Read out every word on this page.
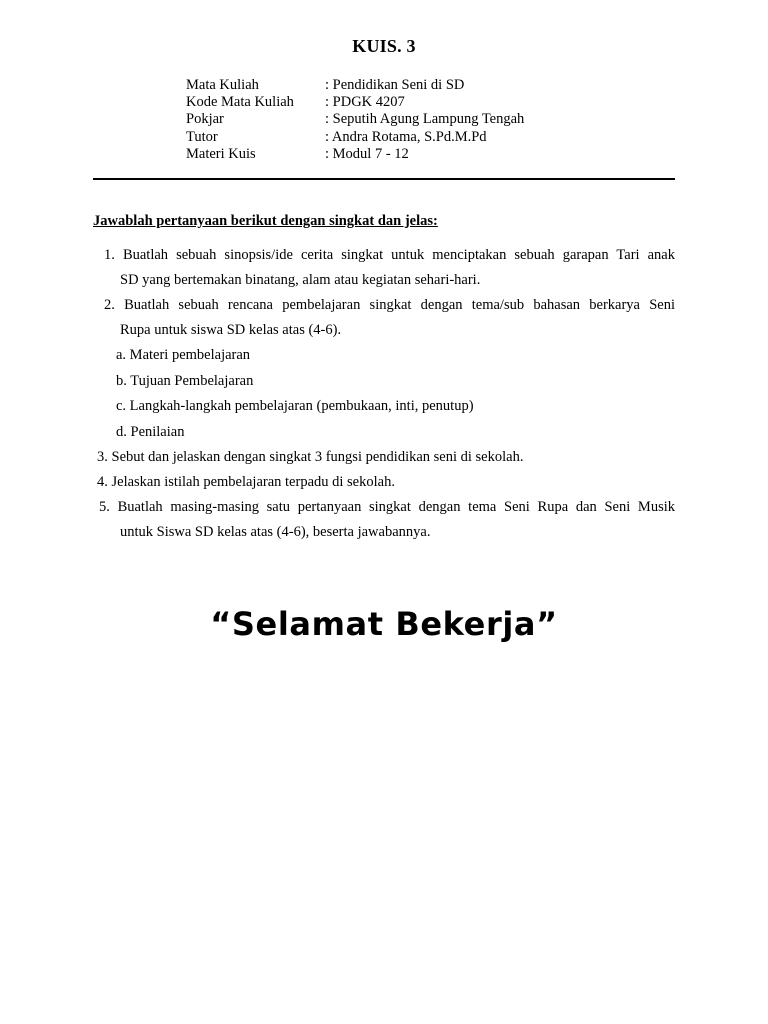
KUIS. 3
Mata Kuliah	: Pendidikan Seni di SD
Kode Mata Kuliah	: PDGK 4207
Pokjar	: Seputih Agung Lampung Tengah
Tutor	: Andra Rotama, S.Pd.M.Pd
Materi Kuis	: Modul 7 - 12
Jawablah pertanyaan berikut dengan singkat dan jelas:
1. Buatlah sebuah sinopsis/ide cerita singkat untuk menciptakan sebuah garapan Tari anak
SD yang bertemakan binatang, alam atau kegiatan sehari-hari.
2. Buatlah sebuah rencana pembelajaran singkat dengan tema/sub bahasan berkarya Seni
Rupa untuk siswa SD kelas atas (4-6).
a. Materi pembelajaran
b. Tujuan Pembelajaran
c. Langkah-langkah pembelajaran (pembukaan, inti, penutup)
d. Penilaian
3. Sebut dan jelaskan dengan singkat 3 fungsi pendidikan seni di sekolah.
4. Jelaskan istilah pembelajaran terpadu di sekolah.
5. Buatlah masing-masing satu pertanyaan singkat dengan tema Seni Rupa dan Seni Musik
untuk Siswa SD kelas atas (4-6), beserta jawabannya.
“Selamat Bekerja”
